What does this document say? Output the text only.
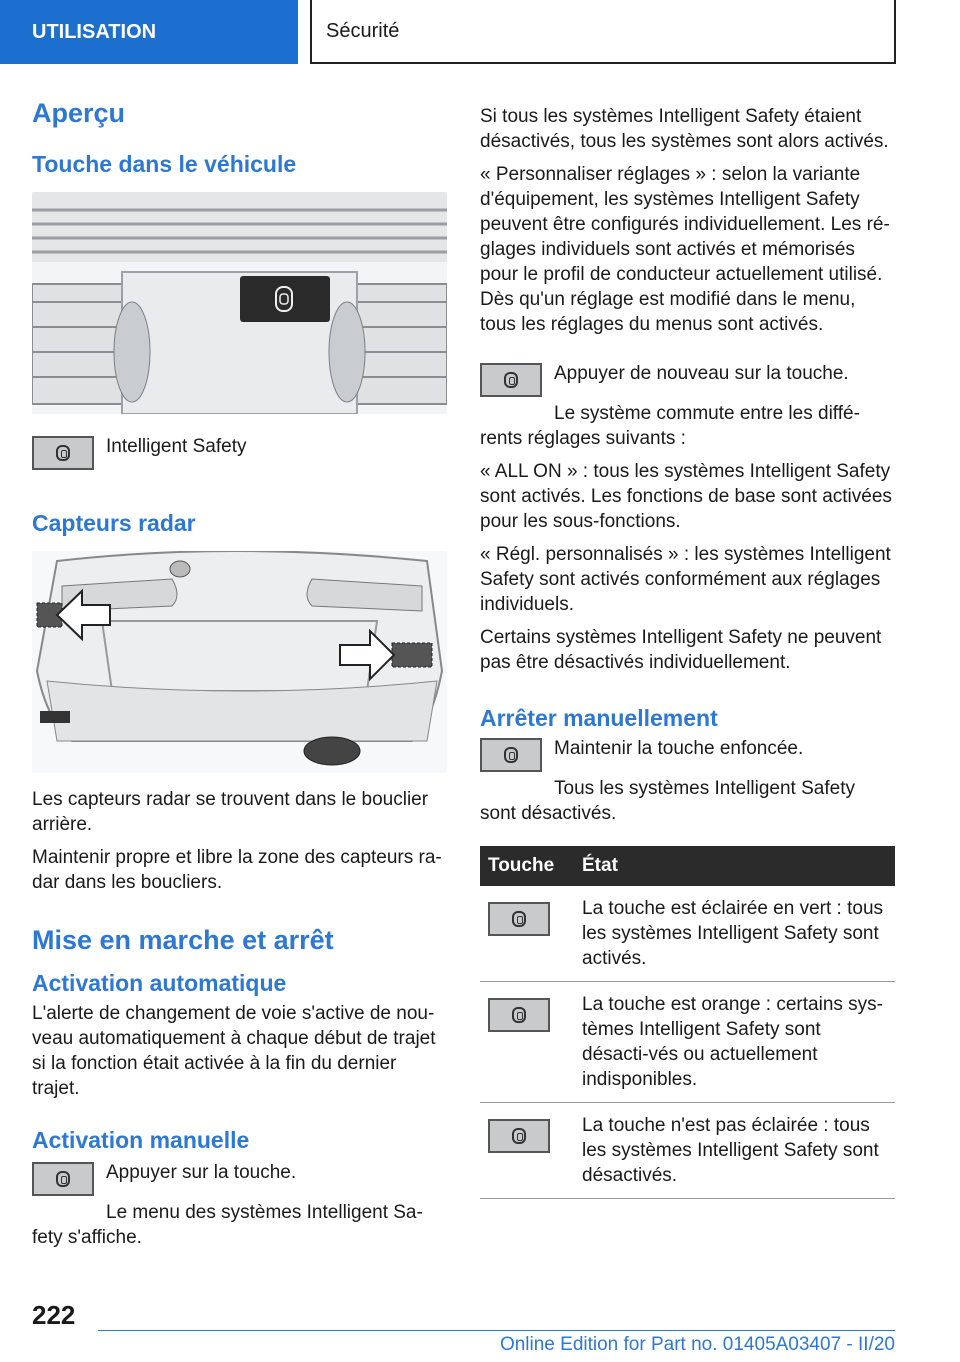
UTILISATION	Sécurité
Aperçu
Touche dans le véhicule

Intelligent Safety

Capteurs radar

Les capteurs radar se trouvent dans le bouclier arrière.

Maintenir propre et libre la zone des capteurs ra-dar dans les boucliers.

Mise en marche et arrêt
Activation automatique

L'alerte de changement de voie s'active de nou-veau automatiquement à chaque début de trajet si la fonction était activée à la fin du dernier trajet.

Activation manuelle

Appuyer sur la touche.

Le menu des systèmes Intelligent Sa-fety s'affiche.

Si tous les systèmes Intelligent Safety étaient désactivés, tous les systèmes sont alors activés.

« Personnaliser réglages » : selon la variante d'équipement, les systèmes Intelligent Safety peuvent être configurés individuellement. Les ré-glages individuels sont activés et mémorisés pour le profil de conducteur actuellement utilisé. Dès qu'un réglage est modifié dans le menu, tous les réglages du menus sont activés.

Appuyer de nouveau sur la touche.

Le système commute entre les diffé-rents réglages suivants :

« ALL ON » : tous les systèmes Intelligent Safety sont activés. Les fonctions de base sont activées pour les sous-fonctions.

« Régl. personnalisés » : les systèmes Intelligent Safety sont activés conformément aux réglages individuels.

Certains systèmes Intelligent Safety ne peuvent pas être désactivés individuellement.

Arrêter manuellement

Maintenir la touche enfoncée.

Tous les systèmes Intelligent Safety sont désactivés.

Touche	État

	La touche est éclairée en vert : tous les systèmes Intelligent Safety sont activés.

	La touche est orange : certains sys-tèmes Intelligent Safety sont désacti-vés ou actuellement indisponibles.

	La touche n'est pas éclairée : tous les systèmes Intelligent Safety sont désactivés.
222
Online Edition for Part no. 01405A03407 - II/20
